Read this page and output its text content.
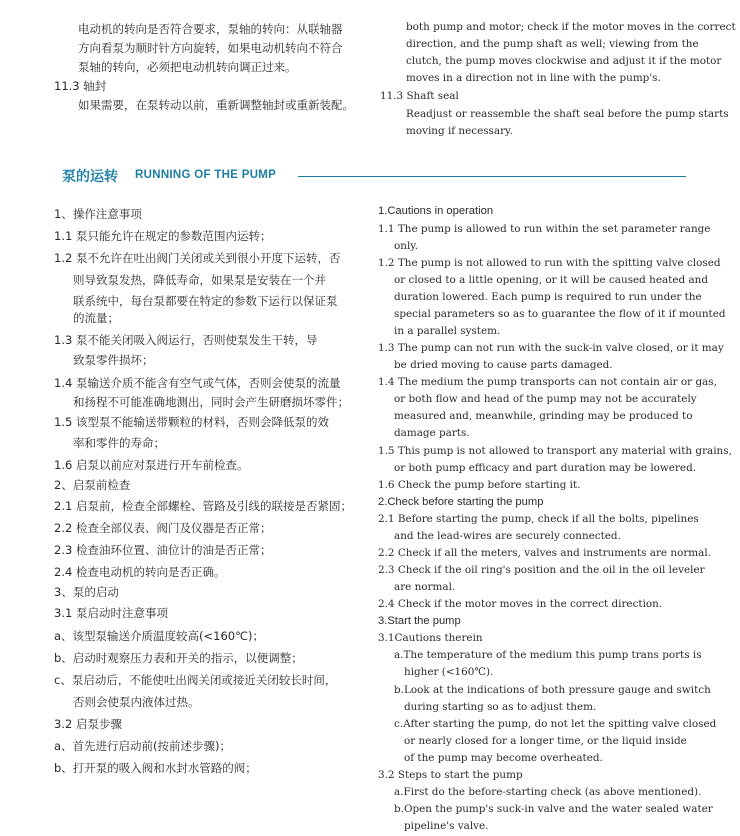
电动机的转向是否符合要求，泵轴的转向：从联轴器
方向看泵为顺时针方向旋转，如果电动机转向不符合
泵轴的转向，必须把电动机转向调正过来。
11.3 轴封
如果需要，在泵转动以前，重新调整轴封或重新装配。
both pump and motor; check if the motor moves in the correct
direction, and the pump shaft as well; viewing from the
clutch, the pump moves clockwise and adjust it if the motor
moves in a direction not in line with the pump's.
11.3 Shaft seal
Readjust or reassemble the shaft seal before the pump starts
moving if necessary.
泵的运转 RUNNING OF THE PUMP
1、操作注意事项
1.1 泵只能允许在规定的参数范围内运转；
1.2 泵不允许在吐出阀门关闭或关到很小开度下运转，否
则导致泵发热，降低寿命，如果泵是安装在一个并
联系统中，每台泵都要在特定的参数下运行以保证泵
的流量；
1.3 泵不能关闭吸入阀运行，否则使泵发生干转，导
致泵零件损坏；
1.4 泵输送介质不能含有空气或气体，否则会使泵的流量
和扬程不可能准确地测出，同时会产生研磨损坏零件；
1.5 该型泵不能输送带颗粒的材料，否则会降低泵的效
率和零件的寿命；
1.6 启泵以前应对泵进行开车前检查。
2、启泵前检查
2.1 启泵前，检查全部螺栓、管路及引线的联接是否紧固；
2.2 检查全部仪表、阀门及仪器是否正常；
2.3 检查油环位置、油位计的油是否正常；
2.4 检查电动机的转向是否正确。
3、泵的启动
3.1 泵启动时注意事项
a、该型泵输送介质温度较高(<160℃)；
b、启动时观察压力表和开关的指示，以便调整；
c、泵启动后，不能使吐出阀关闭或接近关闭较长时间，
否则会使泵内液体过热。
3.2 启泵步骤
a、首先进行启动前(按前述步骤)；
b、打开泵的吸入阀和水封水管路的阀；
1.Cautions in operation
1.1 The pump is allowed to run within the set parameter range
only.
1.2 The pump is not allowed to run with the spitting valve closed
or closed to a little opening, or it will be caused heated and
duration lowered. Each pump is required to run under the
special parameters so as to guarantee the flow of it if mounted
in a parallel system.
1.3 The pump can not run with the suck-in valve closed, or it may
be dried moving to cause parts damaged.
1.4 The medium the pump transports can not contain air or gas,
or both flow and head of the pump may not be accurately
measured and, meanwhile, grinding may be produced to
damage parts.
1.5 This pump is not allowed to transport any material with grains,
or both pump efficacy and part duration may be lowered.
1.6 Check the pump before starting it.
2.Check before starting the pump
2.1 Before starting the pump, check if all the bolts, pipelines
and the lead-wires are securely connected.
2.2 Check if all the meters, valves and instruments are normal.
2.3 Check if the oil ring's position and the oil in the oil leveler
are normal.
2.4 Check if the motor moves in the correct direction.
3.Start the pump
3.1Cautions therein
a.The temperature of the medium this pump trans ports is
higher (<160℃).
b.Look at the indications of both pressure gauge and switch
during starting so as to adjust them.
c.After starting the pump, do not let the spitting valve closed
or nearly closed for a longer time, or the liquid inside
of the pump may become overheated.
3.2 Steps to start the pump
a.First do the before-starting check (as above mentioned).
b.Open the pump's suck-in valve and the water sealed water
pipeline's valve.
